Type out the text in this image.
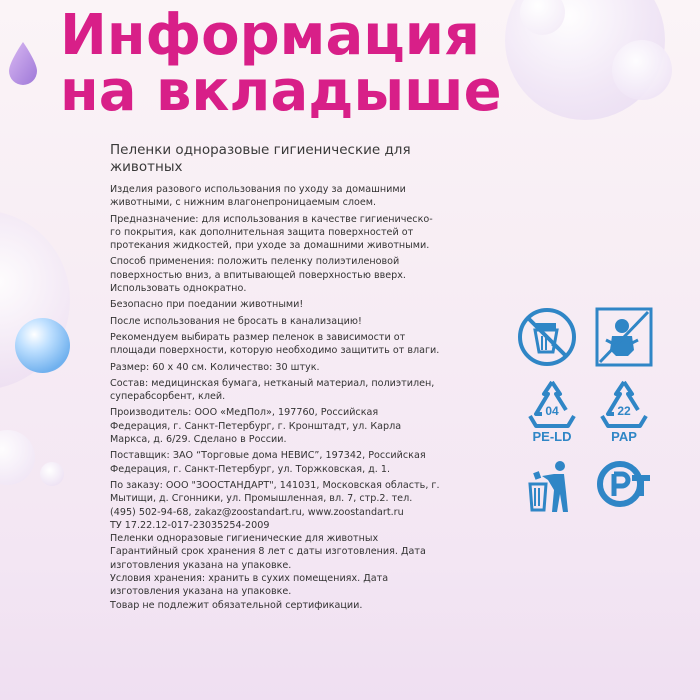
Информация
на вкладыше
Пеленки одноразовые гигиенические для животных

Изделия разового использования по уходу за домашними животными, с нижним влагонепроницаемым слоем.

Предназначение: для использования в качестве гигиеническо-го покрытия, как дополнительная защита поверхностей от протекания жидкостей, при уходе за домашними животными.

Способ применения: положить пеленку полиэтиленовой поверхностью вниз, а впитывающей поверхностью вверх. Использовать однократно.

Безопасно при поедании животными!

После использования не бросать в канализацию!

Рекомендуем выбирать размер пеленок в зависимости от площади поверхности, которую необходимо защитить от влаги.

Размер: 60 х 40 см. Количество: 30 штук.

Состав: медицинская бумага, нетканый материал, полиэтилен, суперабсорбент, клей.

Производитель: ООО «МедПол», 197760, Российская Федерация, г. Санкт-Петербург, г. Кронштадт, ул. Карла Маркса, д. 6/29. Сделано в России.

Поставщик: ЗАО “Торговые дома НЕВИС”, 197342, Российская Федерация, г. Санкт-Петербург, ул. Торжковская, д. 1.

По заказу: ООО "ЗООСТАНДАРТ", 141031, Московская область, г. Мытищи, д. Сгонники, ул. Промышленная, вл. 7, стр.2. тел. (495) 502-94-68, zakaz@zoostandart.ru, www.zoostandart.ru

ТУ 17.22.12-017-23035254-2009

Пеленки одноразовые гигиенические для животных Гарантийный срок хранения 8 лет с даты изготовления. Дата изготовления указана на упаковке.

Условия хранения: хранить в сухих помещениях. Дата изготовления указана на упаковке.

Товар не подлежит обязательной сертификации.

04
PE-LD
22
PAP
